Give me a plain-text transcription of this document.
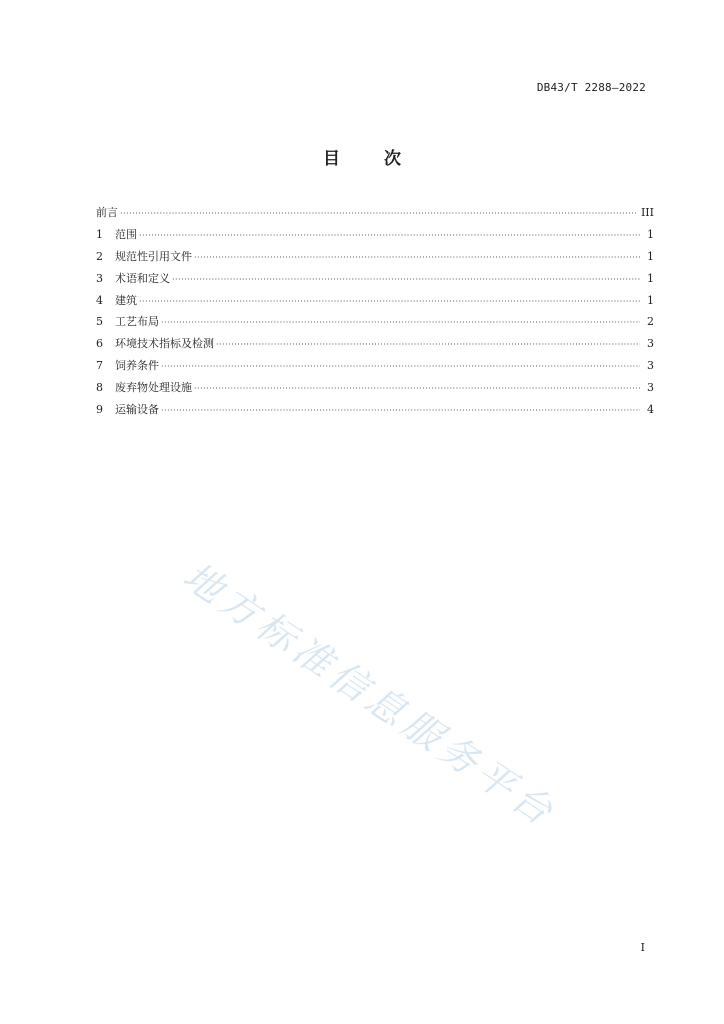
DB43/T 2288—2022
目	次
前言 ·····	III
1	范围 ·····	1
2	规范性引用文件 ·····	1
3	术语和定义 ·····	1
4	建筑 ·····	1
5	工艺布局 ·····	2
6	环境技术指标及检测 ·····	3
7	饲养条件 ·····	3
8	废弃物处理设施 ·····	3
9	运输设备 ·····	4
地方标准信息服务平台
I
